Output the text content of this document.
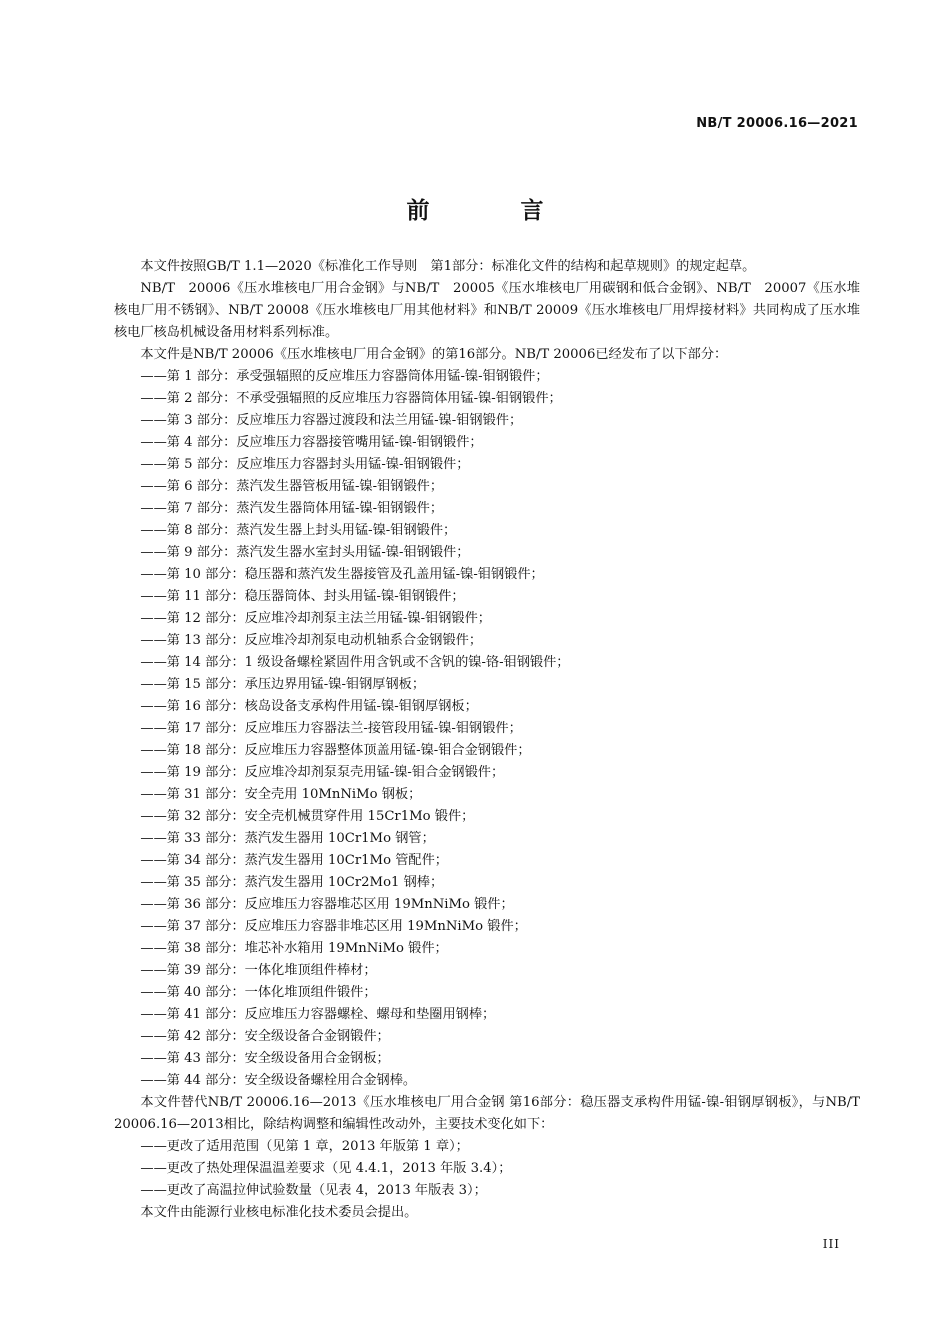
NB/T 20006.16—2021
前　言

本文件按照GB/T 1.1—2020《标准化工作导则　第1部分：标准化文件的结构和起草规则》的规定起草。

NB/T　20006《压水堆核电厂用合金钢》与NB/T　20005《压水堆核电厂用碳钢和低合金钢》、NB/T　20007《压水堆核电厂用不锈钢》、NB/T 20008《压水堆核电厂用其他材料》和NB/T 20009《压水堆核电厂用焊接材料》共同构成了压水堆核电厂核岛机械设备用材料系列标准。

本文件是NB/T 20006《压水堆核电厂用合金钢》的第16部分。NB/T 20006已经发布了以下部分：

——第 1 部分：承受强辐照的反应堆压力容器筒体用锰-镍-钼钢锻件；

——第 2 部分：不承受强辐照的反应堆压力容器筒体用锰-镍-钼钢锻件；

——第 3 部分：反应堆压力容器过渡段和法兰用锰-镍-钼钢锻件；

——第 4 部分：反应堆压力容器接管嘴用锰-镍-钼钢锻件；

——第 5 部分：反应堆压力容器封头用锰-镍-钼钢锻件；

——第 6 部分：蒸汽发生器管板用锰-镍-钼钢锻件；

——第 7 部分：蒸汽发生器筒体用锰-镍-钼钢锻件；

——第 8 部分：蒸汽发生器上封头用锰-镍-钼钢锻件；

——第 9 部分：蒸汽发生器水室封头用锰-镍-钼钢锻件；

——第 10 部分：稳压器和蒸汽发生器接管及孔盖用锰-镍-钼钢锻件；

——第 11 部分：稳压器筒体、封头用锰-镍-钼钢锻件；

——第 12 部分：反应堆冷却剂泵主法兰用锰-镍-钼钢锻件；

——第 13 部分：反应堆冷却剂泵电动机轴系合金钢锻件；

——第 14 部分：1 级设备螺栓紧固件用含钒或不含钒的镍-铬-钼钢锻件；

——第 15 部分：承压边界用锰-镍-钼钢厚钢板；

——第 16 部分：核岛设备支承构件用锰-镍-钼钢厚钢板；

——第 17 部分：反应堆压力容器法兰-接管段用锰-镍-钼钢锻件；

——第 18 部分：反应堆压力容器整体顶盖用锰-镍-钼合金钢锻件；

——第 19 部分：反应堆冷却剂泵泵壳用锰-镍-钼合金钢锻件；

——第 31 部分：安全壳用 10MnNiMo 钢板；

——第 32 部分：安全壳机械贯穿件用 15Cr1Mo 锻件；

——第 33 部分：蒸汽发生器用 10Cr1Mo 钢管；

——第 34 部分：蒸汽发生器用 10Cr1Mo 管配件；

——第 35 部分：蒸汽发生器用 10Cr2Mo1 钢棒；

——第 36 部分：反应堆压力容器堆芯区用 19MnNiMo 锻件；

——第 37 部分：反应堆压力容器非堆芯区用 19MnNiMo 锻件；

——第 38 部分：堆芯补水箱用 19MnNiMo 锻件；

——第 39 部分：一体化堆顶组件棒材；

——第 40 部分：一体化堆顶组件锻件；

——第 41 部分：反应堆压力容器螺栓、螺母和垫圈用钢棒；

——第 42 部分：安全级设备合金钢锻件；

——第 43 部分：安全级设备用合金钢板；

——第 44 部分：安全级设备螺栓用合金钢棒。

本文件替代NB/T 20006.16—2013《压水堆核电厂用合金钢 第16部分：稳压器支承构件用锰-镍-钼钢厚钢板》，与NB/T 20006.16—2013相比，除结构调整和编辑性改动外，主要技术变化如下：

——更改了适用范围（见第 1 章，2013 年版第 1 章）；

——更改了热处理保温温差要求（见 4.4.1，2013 年版 3.4）；

——更改了高温拉伸试验数量（见表 4，2013 年版表 3）；

本文件由能源行业核电标准化技术委员会提出。

III
